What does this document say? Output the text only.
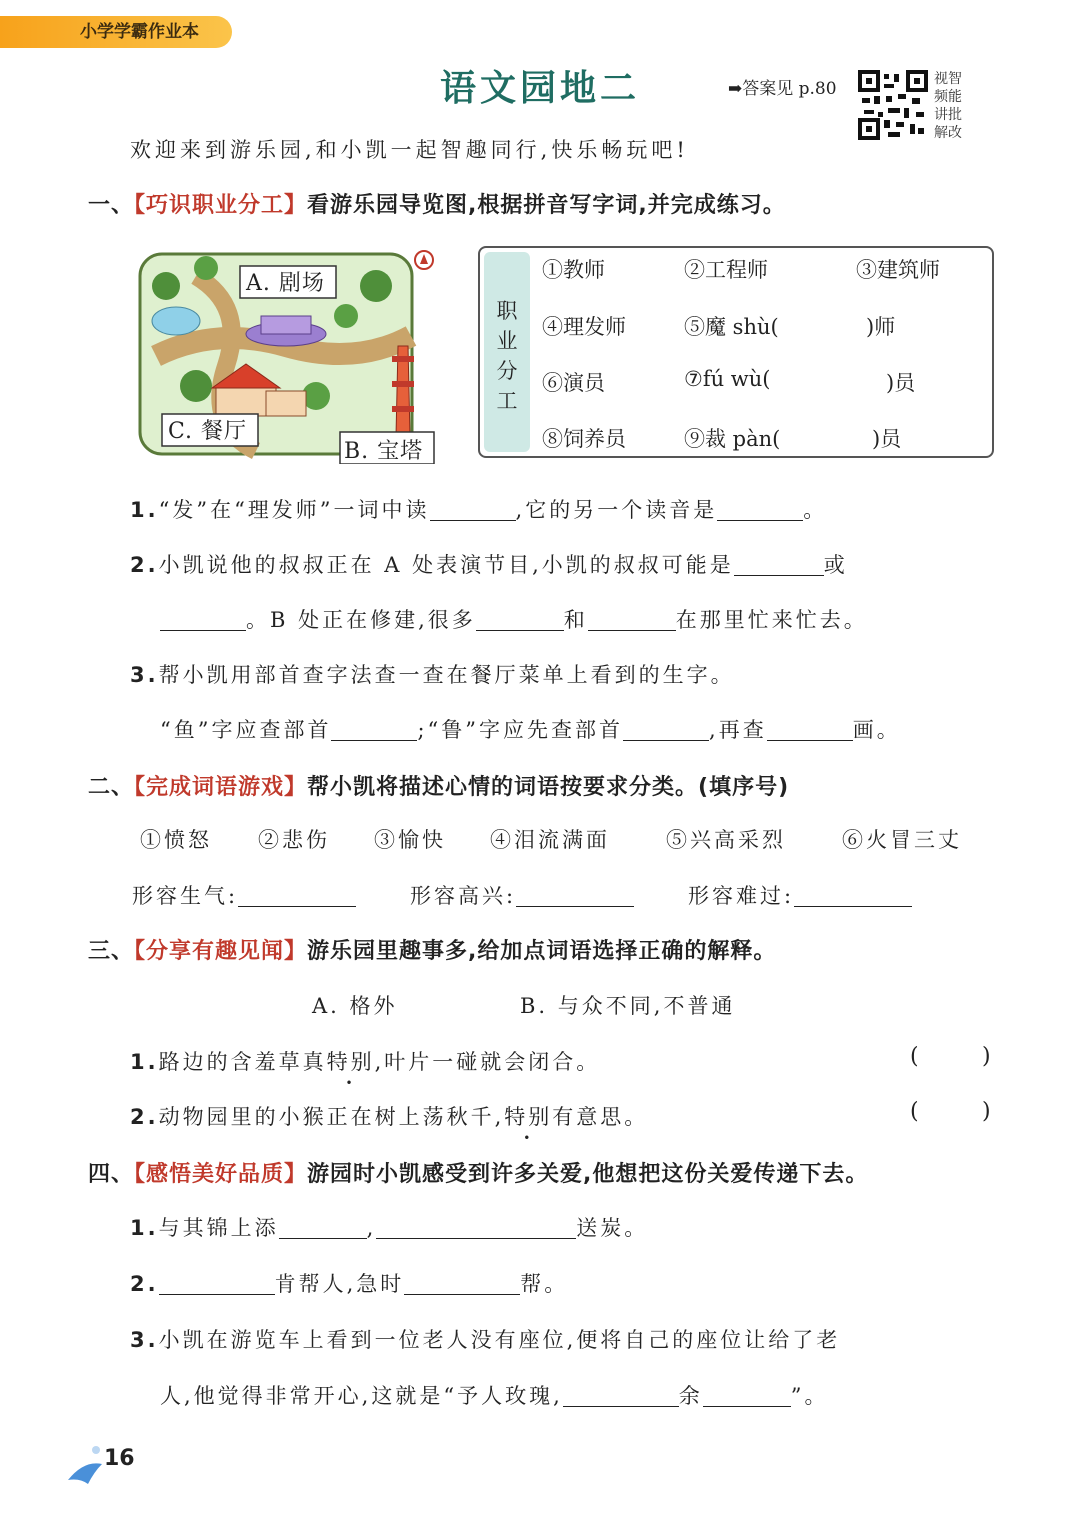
小学学霸作业本
语文园地二	➡答案见 p.80	视智频能讲批解改
欢迎来到游乐园,和小凯一起智趣同行,快乐畅玩吧!
一、【巧识职业分工】看游乐园导览图,根据拼音写字词,并完成练习。
A. 剧场
C. 餐厅
B. 宝塔
职业分工
①教师	②工程师	③建筑师
④理发师	⑤魔 shù(	)师
⑥演员	⑦fú wù(	)员
⑧饲养员	⑨裁 pàn(	)员
1.“发”在“理发师”一词中读	,它的另一个读音是	。
2.小凯说他的叔叔正在 A 处表演节目,小凯的叔叔可能是	或
。B 处正在修建,很多	和	在那里忙来忙去。
3.帮小凯用部首查字法查一查在餐厅菜单上看到的生字。
“鱼”字应查部首	;“鲁”字应先查部首	,再查	画。
二、【完成词语游戏】帮小凯将描述心情的词语按要求分类。(填序号)
①愤怒 ②悲伤 ③愉快 ④泪流满面	⑤兴高采烈	⑥火冒三丈
形容生气:	形容高兴:	形容难过:
三、【分享有趣见闻】游乐园里趣事多,给加点词语选择正确的解释。
A. 格外	B. 与众不同,不普通
1.路边的含羞草真特别,叶片一碰就会闭合。	(	)
2.动物园里的小猴正在树上荡秋千,特别有意思。	(	)
四、【感悟美好品质】游园时小凯感受到许多关爱,他想把这份关爱传递下去。
1.与其锦上添	,	送炭。
2.	肯帮人,急时	帮。
3.小凯在游览车上看到一位老人没有座位,便将自己的座位让给了老
人,他觉得非常开心,这就是“予人玫瑰,	余	”。
16
